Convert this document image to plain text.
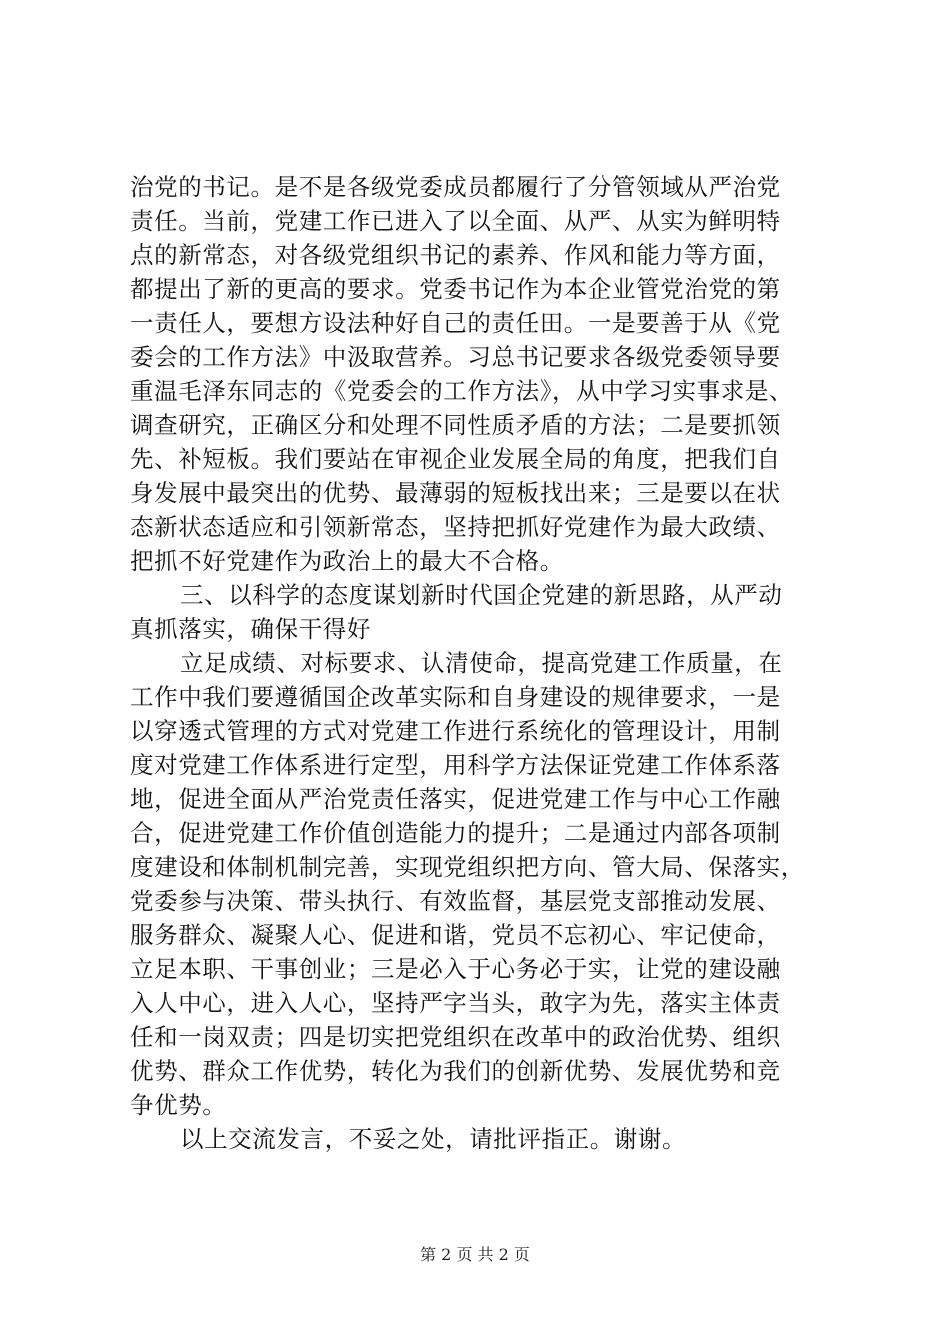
治党的书记。是不是各级党委成员都履行了分管领域从严治党
责任。当前，党建工作已进入了以全面、从严、从实为鲜明特
点的新常态，对各级党组织书记的素养、作风和能力等方面，
都提出了新的更高的要求。党委书记作为本企业管党治党的第
一责任人，要想方设法种好自己的责任田。一是要善于从《党
委会的工作方法》中汲取营养。习总书记要求各级党委领导要
重温毛泽东同志的《党委会的工作方法》，从中学习实事求是、
调查研究，正确区分和处理不同性质矛盾的方法；二是要抓领
先、补短板。我们要站在审视企业发展全局的角度，把我们自
身发展中最突出的优势、最薄弱的短板找出来；三是要以在状
态新状态适应和引领新常态，坚持把抓好党建作为最大政绩、
把抓不好党建作为政治上的最大不合格。
三、以科学的态度谋划新时代国企党建的新思路，从严动
真抓落实，确保干得好
立足成绩、对标要求、认清使命，提高党建工作质量，在
工作中我们要遵循国企改革实际和自身建设的规律要求，一是
以穿透式管理的方式对党建工作进行系统化的管理设计，用制
度对党建工作体系进行定型，用科学方法保证党建工作体系落
地，促进全面从严治党责任落实，促进党建工作与中心工作融
合，促进党建工作价值创造能力的提升；二是通过内部各项制
度建设和体制机制完善，实现党组织把方向、管大局、保落实，
党委参与决策、带头执行、有效监督，基层党支部推动发展、
服务群众、凝聚人心、促进和谐，党员不忘初心、牢记使命，
立足本职、干事创业；三是必入于心务必于实，让党的建设融
入人中心，进入人心，坚持严字当头，敢字为先，落实主体责
任和一岗双责；四是切实把党组织在改革中的政治优势、组织
优势、群众工作优势，转化为我们的创新优势、发展优势和竞
争优势。
以上交流发言，不妥之处，请批评指正。谢谢。
第 2 页 共 2 页
